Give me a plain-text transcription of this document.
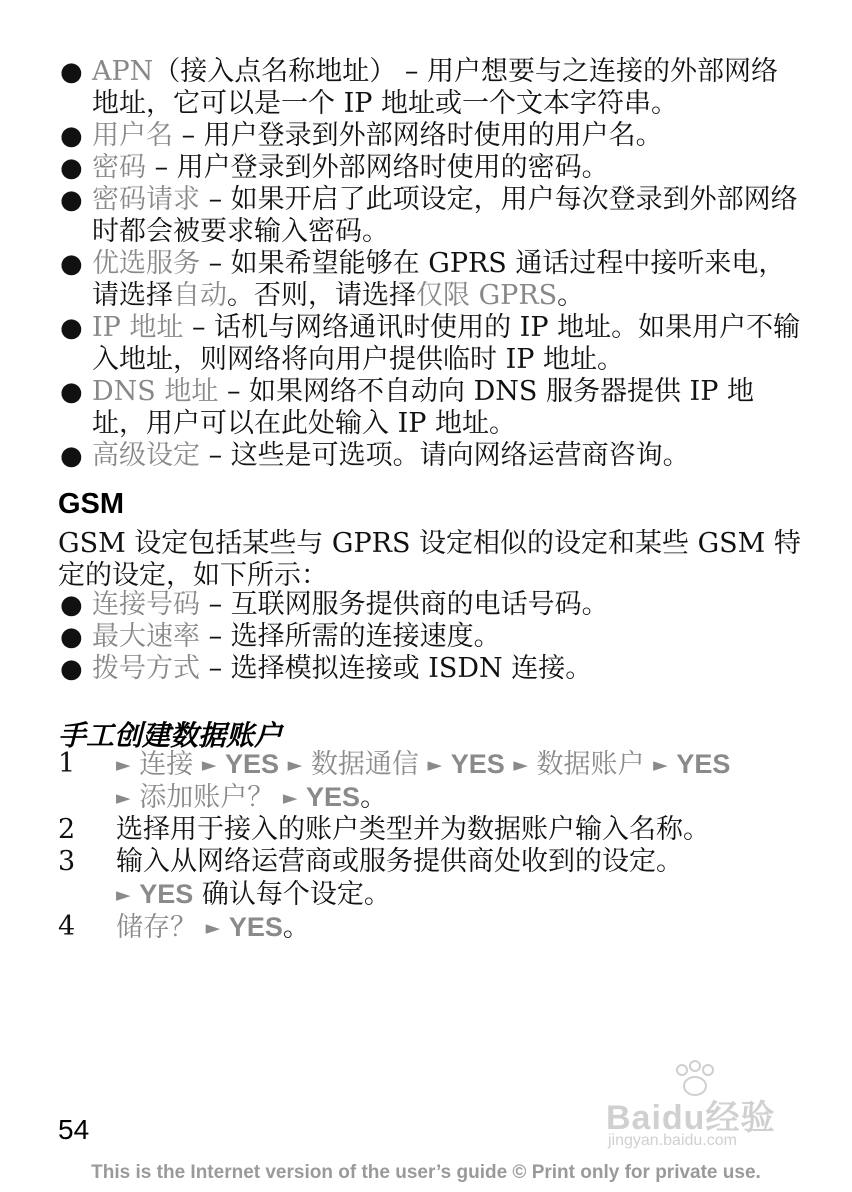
● APN（接入点名称地址） – 用户想要与之连接的外部网络地址，它可以是一个 IP 地址或一个文本字符串。
● 用户名 – 用户登录到外部网络时使用的用户名。
● 密码 – 用户登录到外部网络时使用的密码。
● 密码请求 – 如果开启了此项设定，用户每次登录到外部网络时都会被要求输入密码。
● 优选服务 – 如果希望能够在 GPRS 通话过程中接听来电，请选择自动。否则，请选择仅限 GPRS。
● IP 地址 – 话机与网络通讯时使用的 IP 地址。如果用户不输入地址，则网络将向用户提供临时 IP 地址。
● DNS 地址 – 如果网络不自动向 DNS 服务器提供 IP 地址，用户可以在此处输入 IP 地址。
● 高级设定 – 这些是可选项。请向网络运营商咨询。
GSM
GSM 设定包括某些与 GPRS 设定相似的设定和某些 GSM 特定的设定，如下所示：
● 连接号码 – 互联网服务提供商的电话号码。
● 最大速率 – 选择所需的连接速度。
● 拨号方式 – 选择模拟连接或 ISDN 连接。
手工创建数据账户
1 ► 连接 ► YES ► 数据通信 ► YES ► 数据账户 ► YES
► 添加账户？ ► YES。
2 选择用于接入的账户类型并为数据账户输入名称。
3 输入从网络运营商或服务提供商处收到的设定。
► YES 确认每个设定。
4 储存？ ► YES。
Baidu经验
jingyan.baidu.com
54
This is the Internet version of the user’s guide © Print only for private use.
